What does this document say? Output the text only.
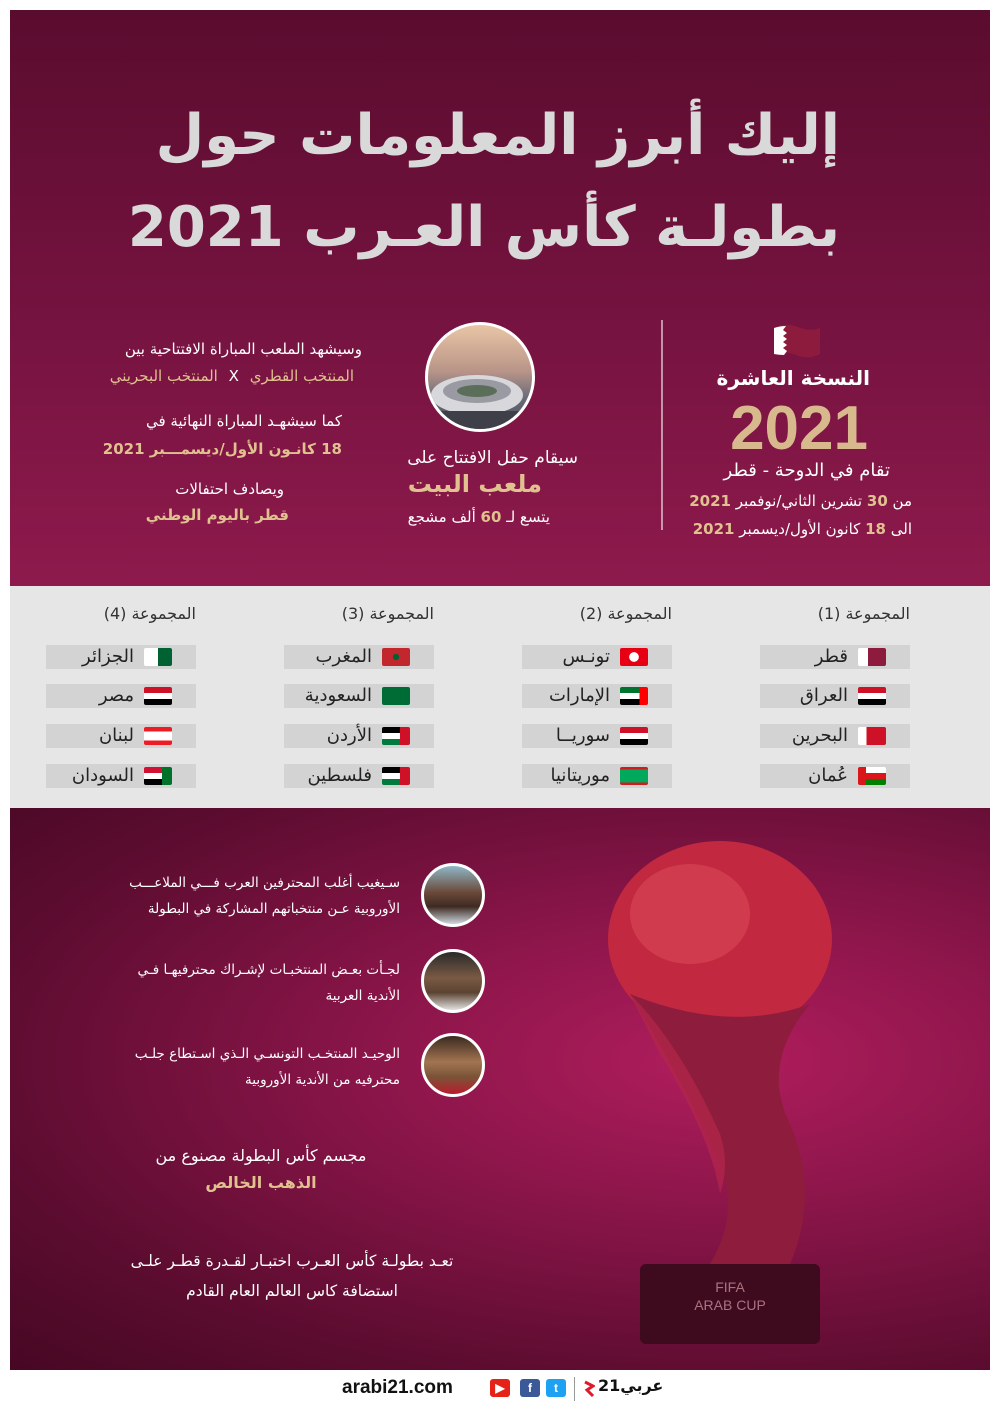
إليك أبرز المعلومات حول
بطولـة كأس العـرب 2021
النسخة العاشرة
2021
تقام في الدوحة - قطر
من 30 تشرين الثاني/نوفمبر 2021
الى 18 كانون الأول/ديسمبر 2021
سيقام حفل الافتتاح على
ملعب البيت
يتسع لـ 60 ألف مشجع
وسيشهد الملعب المباراة الافتتاحية بين
المنتخب القطري X المنتخب البحريني
كما سيشهـد المباراة النهائية في
18 كانـون الأول/ديسمـــبر 2021
ويصادف احتفالات
قطر باليوم الوطني
المجموعة (1)
قطر
العراق
البحرين
عُمان
المجموعة (2)
تونـس
الإمارات
سوريــا
موريتانيا
المجموعة (3)
المغرب
السعودية
الأردن
فلسطين
المجموعة (4)
الجزائر
مصر
لبنان
السودان
FIFA
ARAB CUP
سـيغيب أغلب المحترفين العرب فـــي الملاعـــب
الأوروبية عـن منتخباتهم المشاركة في البطولة
لجـأت بعـض المنتخبـات لإشـراك محترفيهـا فـي
الأندية العربية
الوحيـد المنتخـب التونسـي الـذي اسـتطاع جلـب
محترفيه من الأندية الأوروبية
مجسم كأس البطولة مصنوع من
الذهب الخالص
تعـد بطولـة كأس العـرب اختبـار لقـدرة قطـر علـى
استضافة كاس العالم العام القادم
arabi21.com	▶	f	t	عربي21
